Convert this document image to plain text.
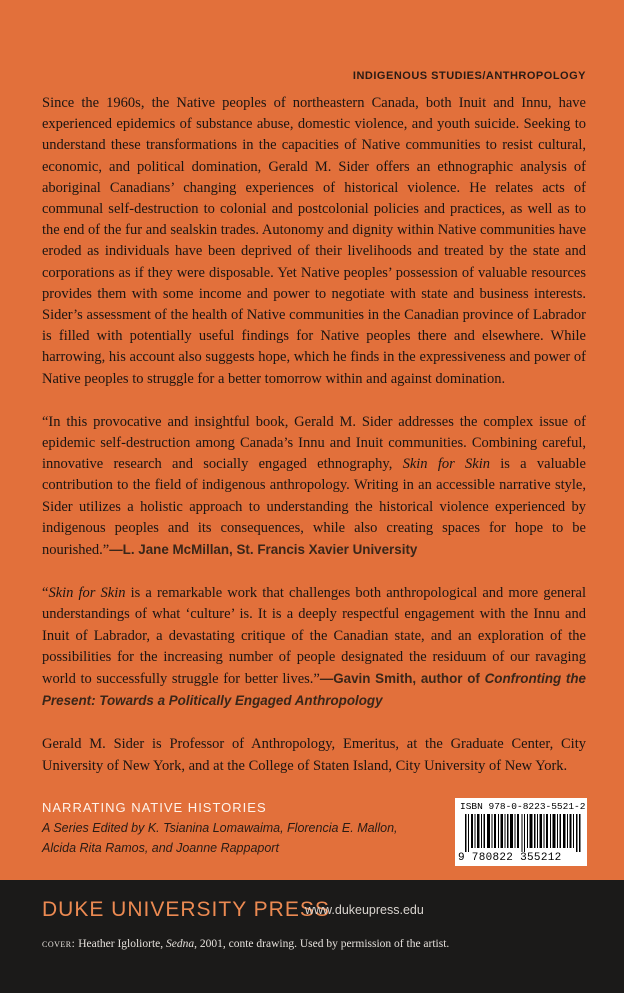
INDIGENOUS STUDIES/ANTHROPOLOGY

Since the 1960s, the Native peoples of northeastern Canada, both Inuit and Innu, have experienced epidemics of substance abuse, domestic violence, and youth suicide. Seeking to understand these transformations in the capacities of Native communities to resist cultural, economic, and political domination, Gerald M. Sider offers an ethnographic analysis of aboriginal Canadians’ changing experiences of historical violence. He relates acts of communal self-destruction to colonial and postcolonial policies and practices, as well as to the end of the fur and sealskin trades. Autonomy and dignity within Native communities have eroded as individuals have been deprived of their livelihoods and treated by the state and corporations as if they were disposable. Yet Native peoples’ possession of valuable resources provides them with some income and power to negotiate with state and business interests. Sider’s assessment of the health of Native communities in the Canadian province of Labrador is filled with potentially useful findings for Native peoples there and elsewhere. While harrowing, his account also suggests hope, which he finds in the expressiveness and power of Native peoples to struggle for a better tomorrow within and against domination.

“In this provocative and insightful book, Gerald M. Sider addresses the complex issue of epidemic self-destruction among Canada’s Innu and Inuit communities. Combining careful, innovative research and socially engaged ethnography, Skin for Skin is a valuable contribution to the field of indigenous anthropology. Writing in an accessible narrative style, Sider utilizes a holistic approach to understanding the historical violence experienced by indigenous peoples and its consequences, while also creating spaces for hope to be nourished.”—L. Jane McMillan, St. Francis Xavier University

“Skin for Skin is a remarkable work that challenges both anthropological and more general understandings of what ‘culture’ is. It is a deeply respectful engagement with the Innu and Inuit of Labrador, a devastating critique of the Canadian state, and an exploration of the possibilities for the increasing number of people designated the residuum of our ravaging world to successfully struggle for better lives.”—Gavin Smith, author of Confronting the Present: Towards a Politically Engaged Anthropology

Gerald M. Sider is Professor of Anthropology, Emeritus, at the Graduate Center, City University of New York, and at the College of Staten Island, City University of New York.

NARRATING NATIVE HISTORIES
A Series Edited by K. Tsianina Lomawaima, Florencia E. Mallon,
Alcida Rita Ramos, and Joanne Rappaport
ISBN 978-0-8223-5521-2
9 780822 355212
DUKE UNIVERSITY PRESS
www.dukeupress.edu
cover: Heather Igloliorte, Sedna, 2001, conte drawing. Used by permission of the artist.
